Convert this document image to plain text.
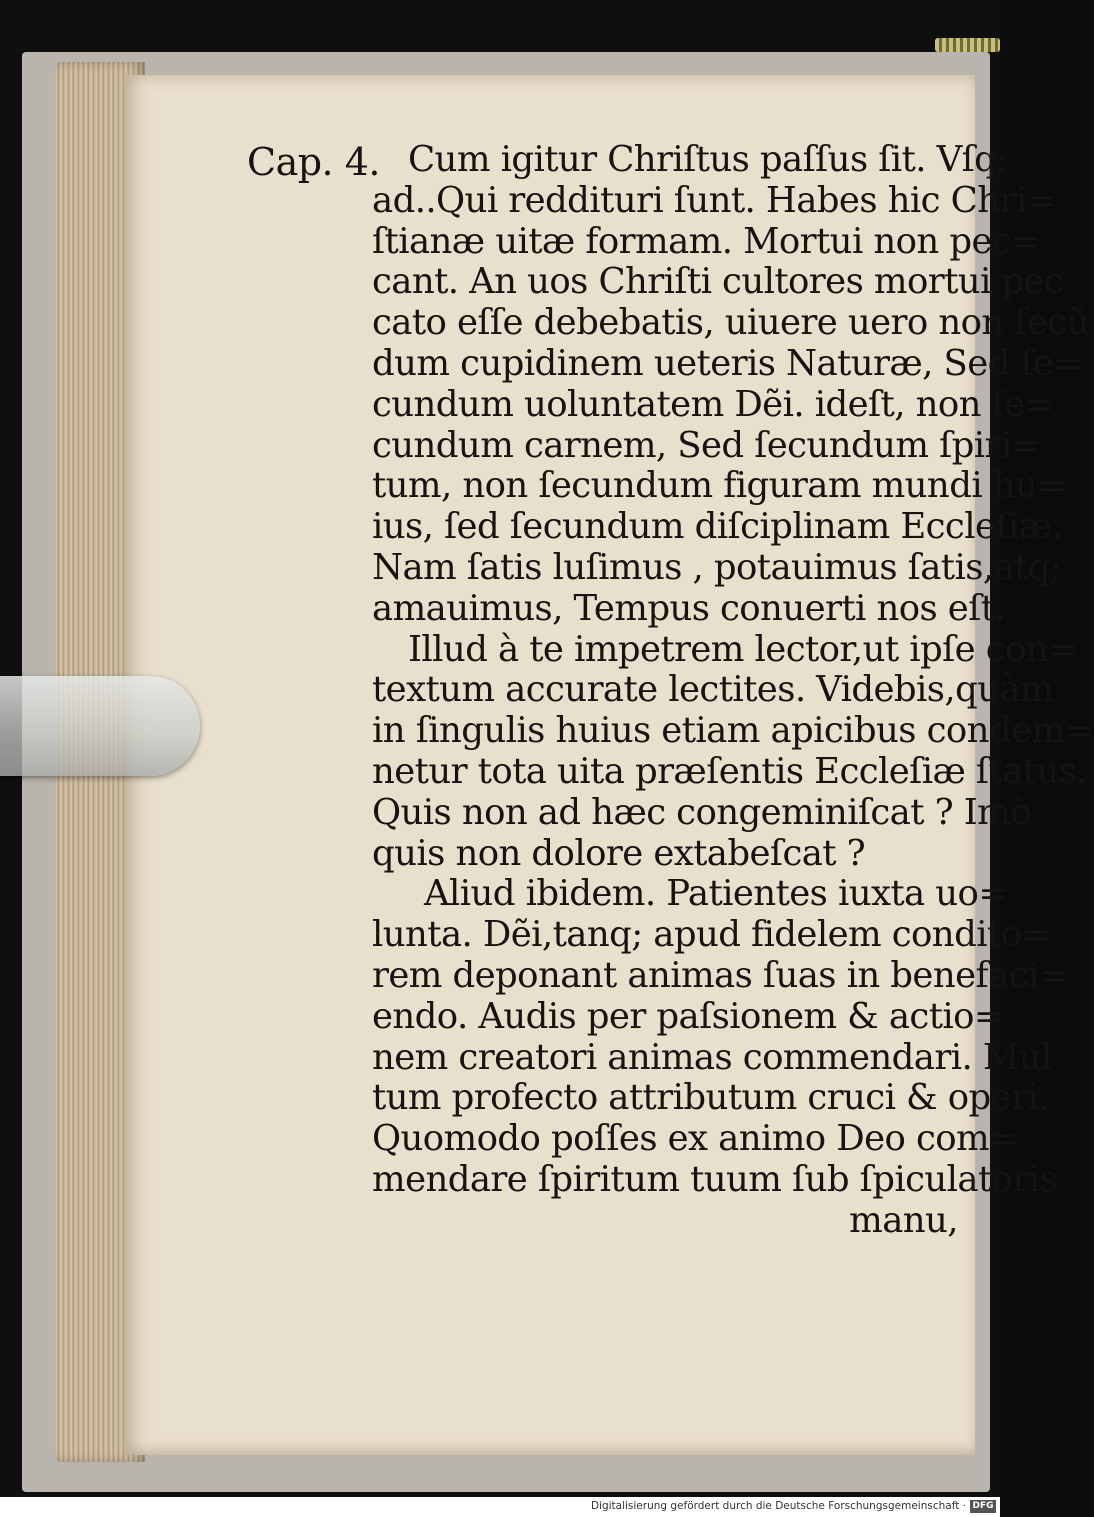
Cap. 4. Cum igitur Chriſtus paſſus ſit. Vſq;
ad..Qui reddituri ſunt. Habes hic Chri=
ſtianæ uitæ formam. Mortui non pec=
cant. An uos Chriſti cultores mortui pec
cato eſſe debebatis, uiuere uero non ſecũ
dum cupidinem ueteris Naturæ, Sed ſe=
cundum uoluntatem Dẽi. ideſt, non ſe=
cundum carnem, Sed ſecundum ſpiri=
tum, non ſecundum figuram mundi hu=
ius, ſed ſecundum diſciplinam Eccleſiæ.
Nam ſatis luſimus , potauimus ſatis,atq;
amauimus, Tempus conuerti nos eſt.
Illud à te impetrem lector,ut ipſe con=
textum accurate lectites. Videbis,quàm
in ſingulis huius etiam apicibus condem=
netur tota uita præſentis Eccleſiæ ſtatus.
Quis non ad hæc congeminiſcat ? Imò
quis non dolore extabeſcat ?
Aliud ibidem. Patientes iuxta uo=
lunta. Dẽi,tanq; apud fidelem condito=
rem deponant animas ſuas in benefaci=
endo. Audis per paſsionem & actio=
nem creatori animas commendari. Mul
tum profecto attributum cruci & operi.
Quomodo poſſes ex animo Deo com=
mendare ſpiritum tuum ſub ſpiculatoris
manu,
Digitalisierung gefördert durch die Deutsche Forschungsgemeinschaft · DFG
